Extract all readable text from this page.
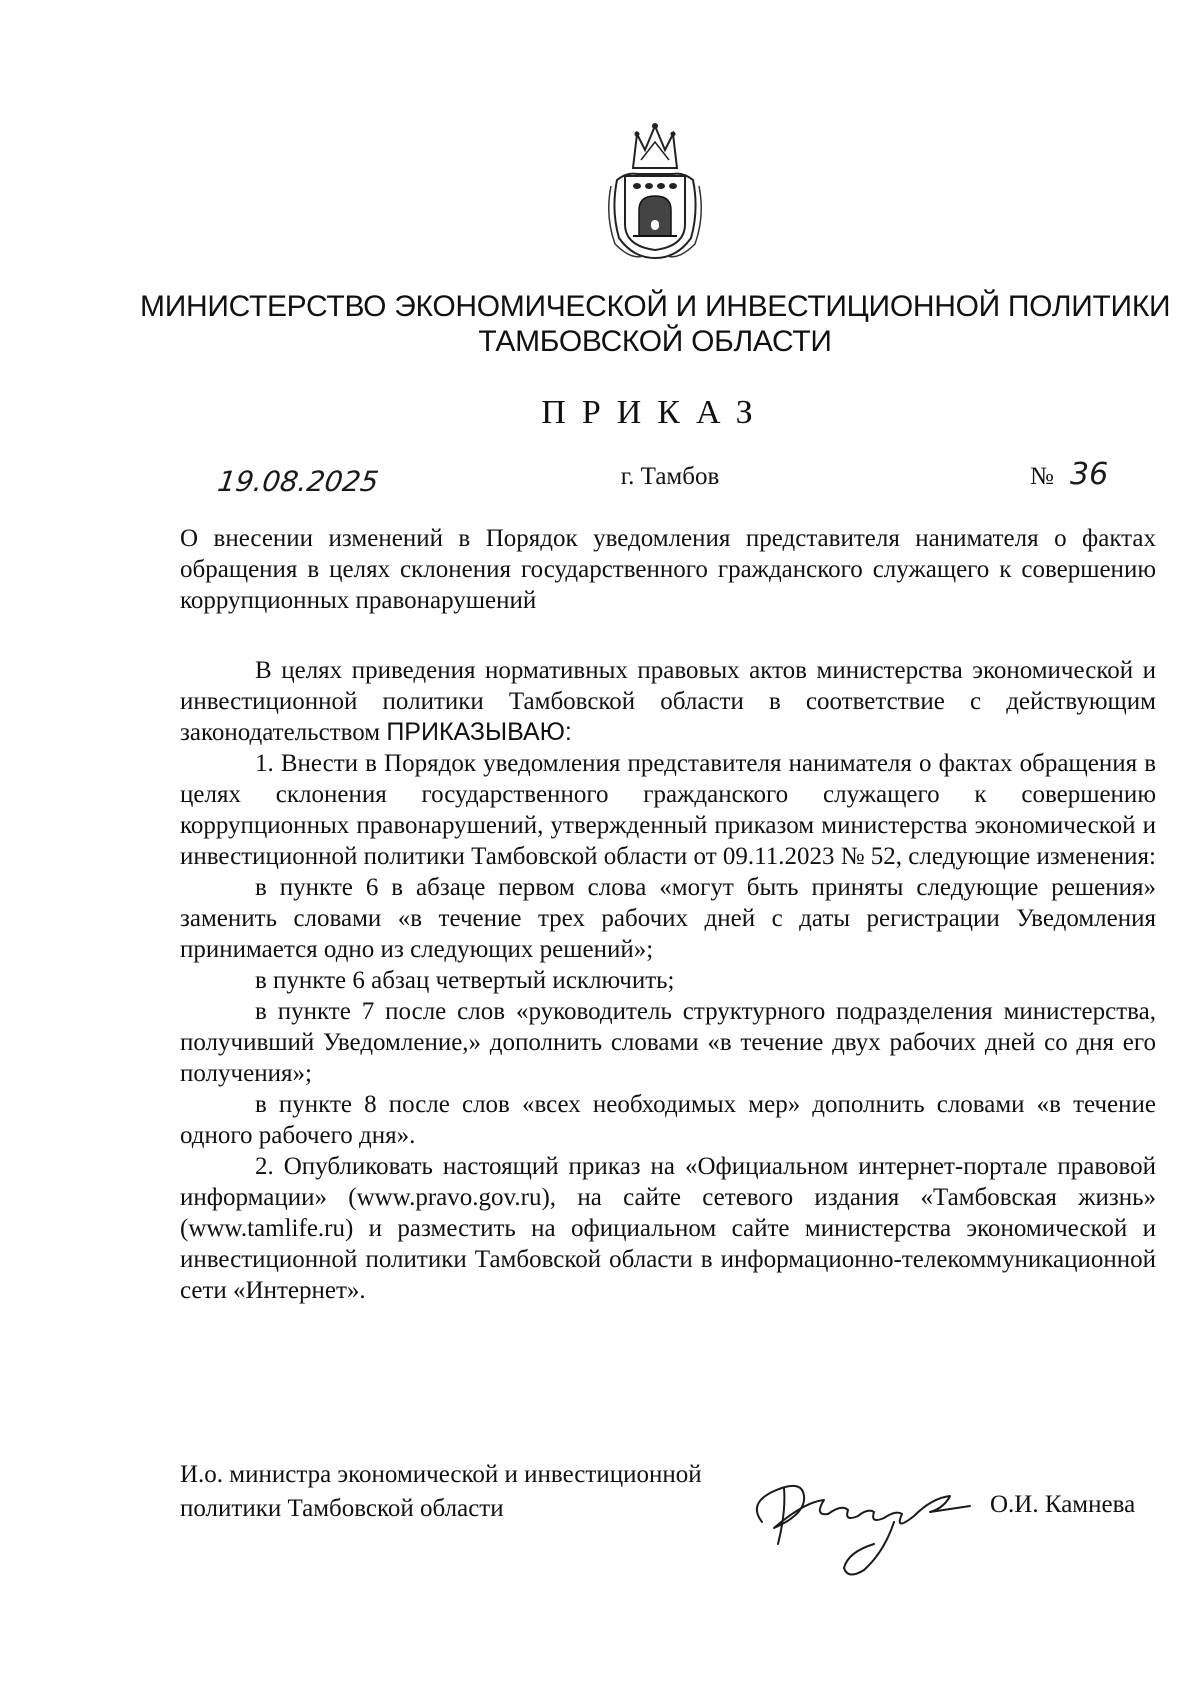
МИНИСТЕРСТВО ЭКОНОМИЧЕСКОЙ И ИНВЕСТИЦИОННОЙ ПОЛИТИКИ
ТАМБОВСКОЙ ОБЛАСТИ
ПРИКАЗ
19.08.2025	г. Тамбов	№ 36

О внесении изменений в Порядок уведомления представителя нанимателя о фактах обращения в целях склонения государственного гражданского служащего к совершению коррупционных правонарушений

В целях приведения нормативных правовых актов министерства экономической и инвестиционной политики Тамбовской области в соответствие с действующим законодательством ПРИКАЗЫВАЮ:

1. Внести в Порядок уведомления представителя нанимателя о фактах обращения в целях склонения государственного гражданского служащего к совершению коррупционных правонарушений, утвержденный приказом министерства экономической и инвестиционной политики Тамбовской области от 09.11.2023 № 52, следующие изменения:

в пункте 6 в абзаце первом слова «могут быть приняты следующие решения» заменить словами «в течение трех рабочих дней с даты регистрации Уведомления принимается одно из следующих решений»;

в пункте 6 абзац четвертый исключить;

в пункте 7 после слов «руководитель структурного подразделения министерства, получивший Уведомление,» дополнить словами «в течение двух рабочих дней со дня его получения»;

в пункте 8 после слов «всех необходимых мер» дополнить словами «в течение одного рабочего дня».

2. Опубликовать настоящий приказ на «Официальном интернет-портале правовой информации» (www.pravo.gov.ru), на сайте сетевого издания «Тамбовская жизнь» (www.tamlife.ru) и разместить на официальном сайте министерства экономической и инвестиционной политики Тамбовской области в информационно-телекоммуникационной сети «Интернет».

И.о. министра экономической и инвестиционной
политики Тамбовской области	О.И. Камнева
